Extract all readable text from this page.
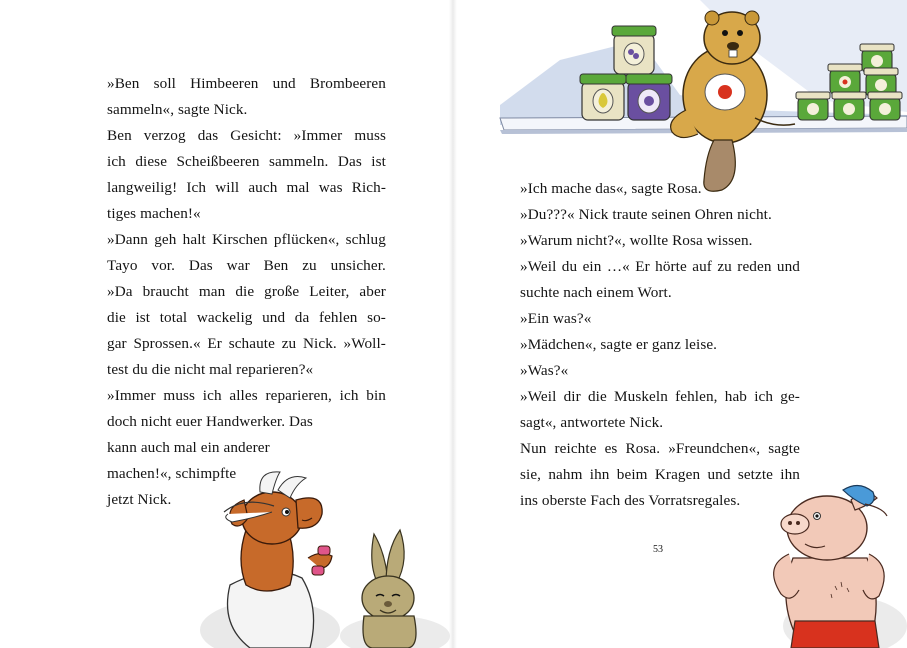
»Ben soll Himbeeren und Brombeeren
sammeln«, sagte Nick.
Ben verzog das Gesicht: »Immer muss
ich diese Scheißbeeren sammeln. Das ist
langweilig! Ich will auch mal was Rich-
tiges machen!«
»Dann geh halt Kirschen pflücken«, schlug
Tayo vor. Das war Ben zu unsicher.
»Da braucht man die große Leiter, aber
die ist total wackelig und da fehlen so-
gar Sprossen.« Er schaute zu Nick. »Woll-
test du die nicht mal reparieren?«
»Immer muss ich alles reparieren, ich bin
doch nicht euer Handwerker. Das
kann auch mal ein anderer
machen!«, schimpfte
jetzt Nick.
»Ich mache das«, sagte Rosa.
»Du???« Nick traute seinen Ohren nicht.
»Warum nicht?«, wollte Rosa wissen.
»Weil du ein …« Er hörte auf zu reden und
suchte nach einem Wort.
»Ein was?«
»Mädchen«, sagte er ganz leise.
»Was?«
»Weil dir die Muskeln fehlen, hab ich ge-
sagt«, antwortete Nick.
Nun reichte es Rosa. »Freundchen«, sagte
sie, nahm ihn beim Kragen und setzte ihn
ins oberste Fach des Vorratsregales.
53
